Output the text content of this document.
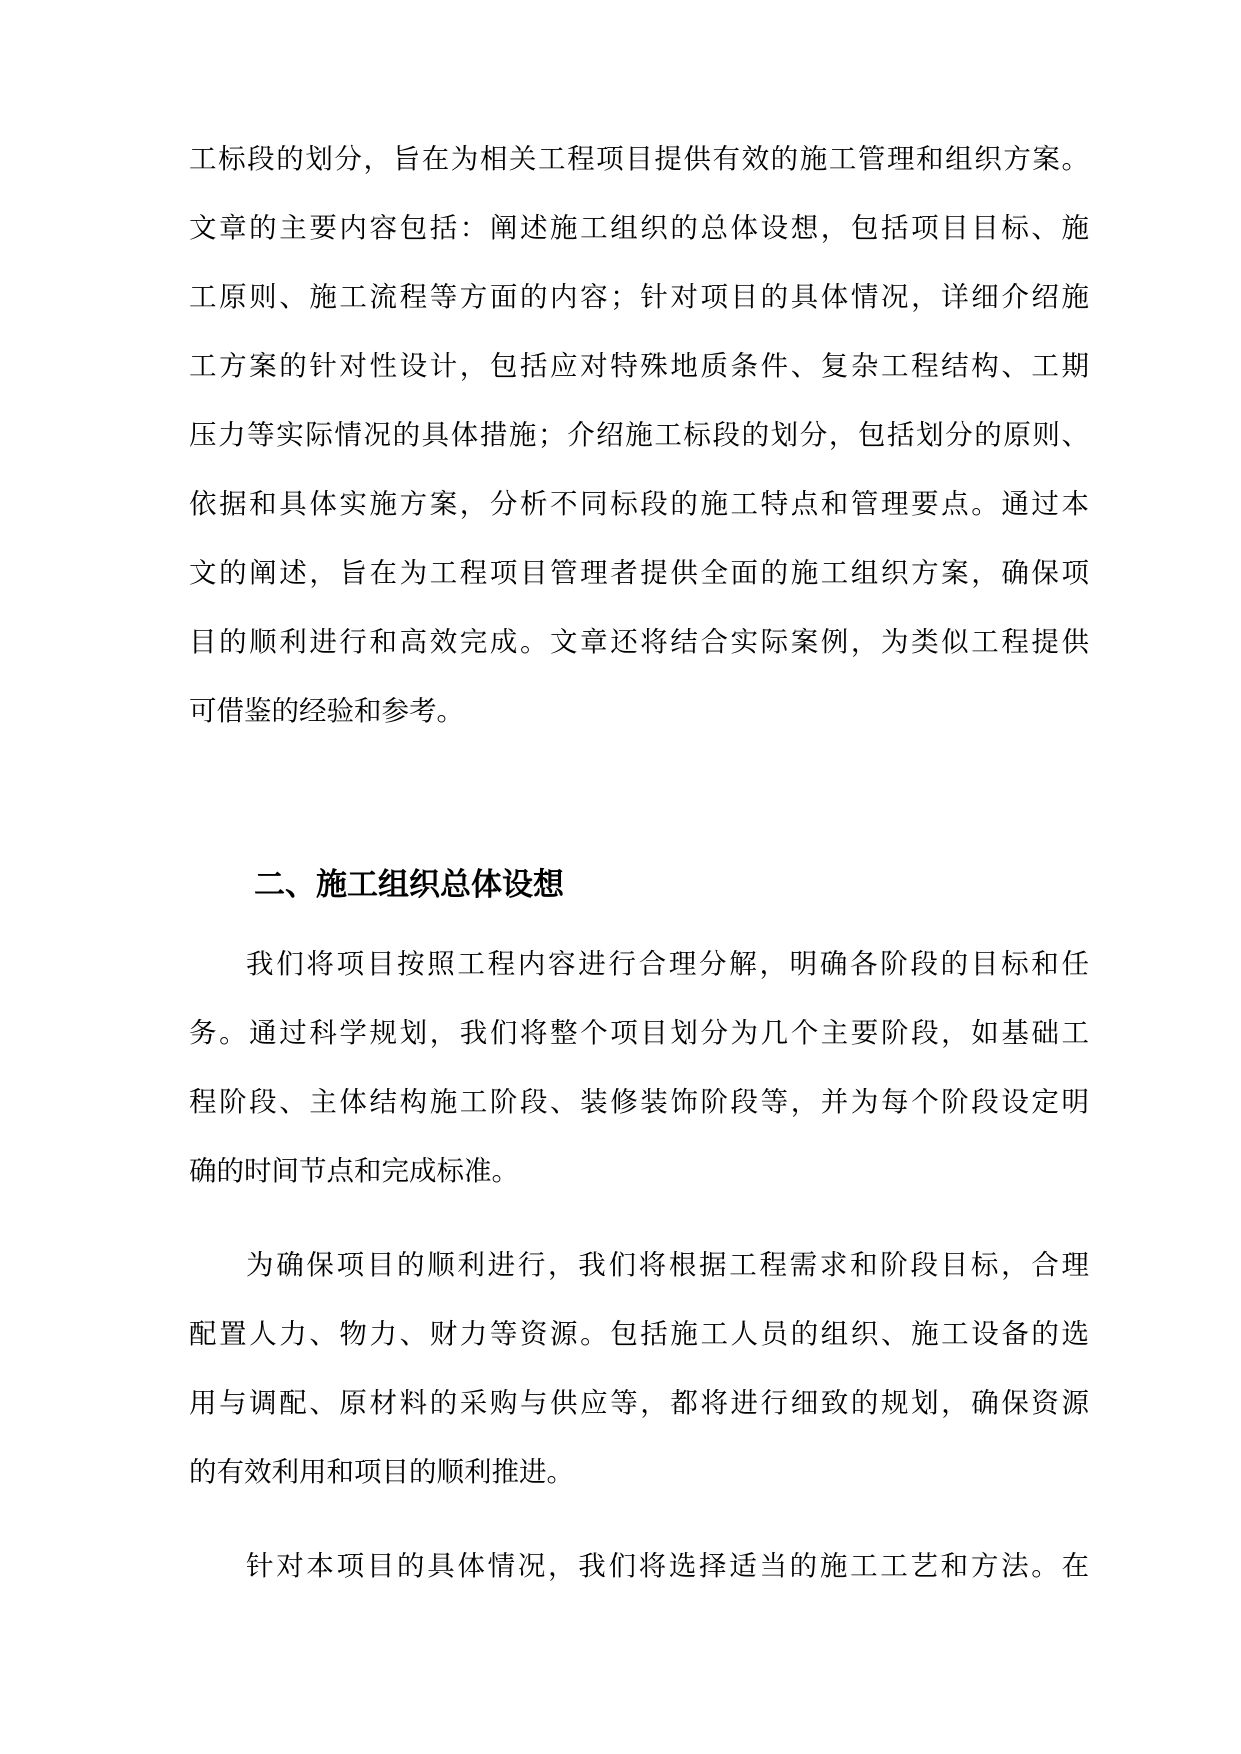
工标段的划分，旨在为相关工程项目提供有效的施工管理和组织方案。
文章的主要内容包括：阐述施工组织的总体设想，包括项目目标、施
工原则、施工流程等方面的内容；针对项目的具体情况，详细介绍施
工方案的针对性设计，包括应对特殊地质条件、复杂工程结构、工期
压力等实际情况的具体措施；介绍施工标段的划分，包括划分的原则、
依据和具体实施方案，分析不同标段的施工特点和管理要点。通过本
文的阐述，旨在为工程项目管理者提供全面的施工组织方案，确保项
目的顺利进行和高效完成。文章还将结合实际案例，为类似工程提供
可借鉴的经验和参考。
二、施工组织总体设想
我们将项目按照工程内容进行合理分解，明确各阶段的目标和任
务。通过科学规划，我们将整个项目划分为几个主要阶段，如基础工
程阶段、主体结构施工阶段、装修装饰阶段等，并为每个阶段设定明
确的时间节点和完成标准。
为确保项目的顺利进行，我们将根据工程需求和阶段目标，合理
配置人力、物力、财力等资源。包括施工人员的组织、施工设备的选
用与调配、原材料的采购与供应等，都将进行细致的规划，确保资源
的有效利用和项目的顺利推进。
针对本项目的具体情况，我们将选择适当的施工工艺和方法。在
